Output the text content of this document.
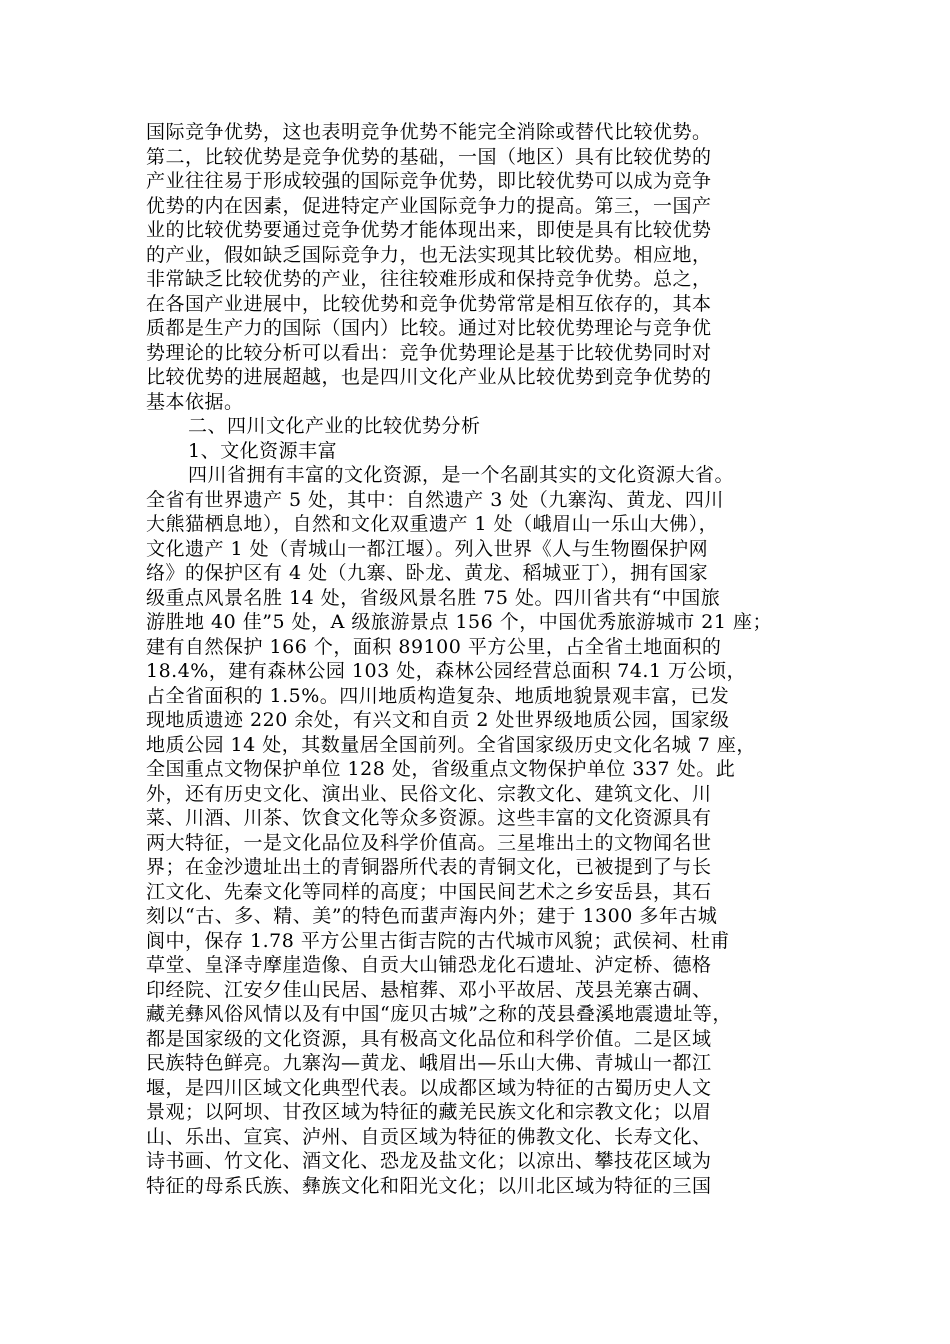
国际竞争优势，这也表明竞争优势不能完全消除或替代比较优势。
第二，比较优势是竞争优势的基础，一国（地区）具有比较优势的
产业往往易于形成较强的国际竞争优势，即比较优势可以成为竞争
优势的内在因素，促进特定产业国际竞争力的提高。第三，一国产
业的比较优势要通过竞争优势才能体现出来，即使是具有比较优势
的产业，假如缺乏国际竞争力，也无法实现其比较优势。相应地，
非常缺乏比较优势的产业，往往较难形成和保持竞争优势。总之，
在各国产业进展中，比较优势和竞争优势常常是相互依存的，其本
质都是生产力的国际（国内）比较。通过对比较优势理论与竞争优
势理论的比较分析可以看出：竞争优势理论是基于比较优势同时对
比较优势的进展超越，也是四川文化产业从比较优势到竞争优势的
基本依据。
二、四川文化产业的比较优势分析
1、文化资源丰富
四川省拥有丰富的文化资源，是一个名副其实的文化资源大省。
全省有世界遗产 5 处，其中：自然遗产 3 处（九寨沟、黄龙、四川
大熊猫栖息地），自然和文化双重遗产 1 处（峨眉山一乐山大佛），
文化遗产 1 处（青城山一都江堰）。列入世界《人与生物圈保护网
络》的保护区有 4 处（九寨、卧龙、黄龙、稻城亚丁），拥有国家
级重点风景名胜 14 处，省级风景名胜 75 处。四川省共有“中国旅
游胜地 40 佳”5 处，A 级旅游景点 156 个，中国优秀旅游城市 21 座；
建有自然保护 166 个，面积 89100 平方公里，占全省土地面积的
18.4%，建有森林公园 103 处，森林公园经营总面积 74.1 万公顷，
占全省面积的 1.5%。四川地质构造复杂、地质地貌景观丰富，已发
现地质遗迹 220 余处，有兴文和自贡 2 处世界级地质公园，国家级
地质公园 14 处，其数量居全国前列。全省国家级历史文化名城 7 座，
全国重点文物保护单位 128 处，省级重点文物保护单位 337 处。此
外，还有历史文化、演出业、民俗文化、宗教文化、建筑文化、川
菜、川酒、川茶、饮食文化等众多资源。这些丰富的文化资源具有
两大特征，一是文化品位及科学价值高。三星堆出土的文物闻名世
界；在金沙遗址出土的青铜器所代表的青铜文化，已被提到了与长
江文化、先秦文化等同样的高度；中国民间艺术之乡安岳县，其石
刻以“古、多、精、美”的特色而蜚声海内外；建于 1300 多年古城
阆中，保存 1.78 平方公里古街吉院的古代城市风貌；武侯祠、杜甫
草堂、皇泽寺摩崖造像、自贡大山铺恐龙化石遗址、泸定桥、德格
印经院、江安夕佳山民居、悬棺葬、邓小平故居、茂县羌寨古碉、
藏羌彝风俗风情以及有中国“庞贝古城”之称的茂县叠溪地震遗址等，
都是国家级的文化资源，具有极高文化品位和科学价值。二是区域
民族特色鲜亮。九寨沟—黄龙、峨眉出—乐山大佛、青城山一都江
堰，是四川区域文化典型代表。以成都区域为特征的古蜀历史人文
景观；以阿坝、甘孜区域为特征的藏羌民族文化和宗教文化；以眉
山、乐出、宣宾、泸州、自贡区域为特征的佛教文化、长寿文化、
诗书画、竹文化、酒文化、恐龙及盐文化；以凉出、攀技花区域为
特征的母系氏族、彝族文化和阳光文化；以川北区域为特征的三国
